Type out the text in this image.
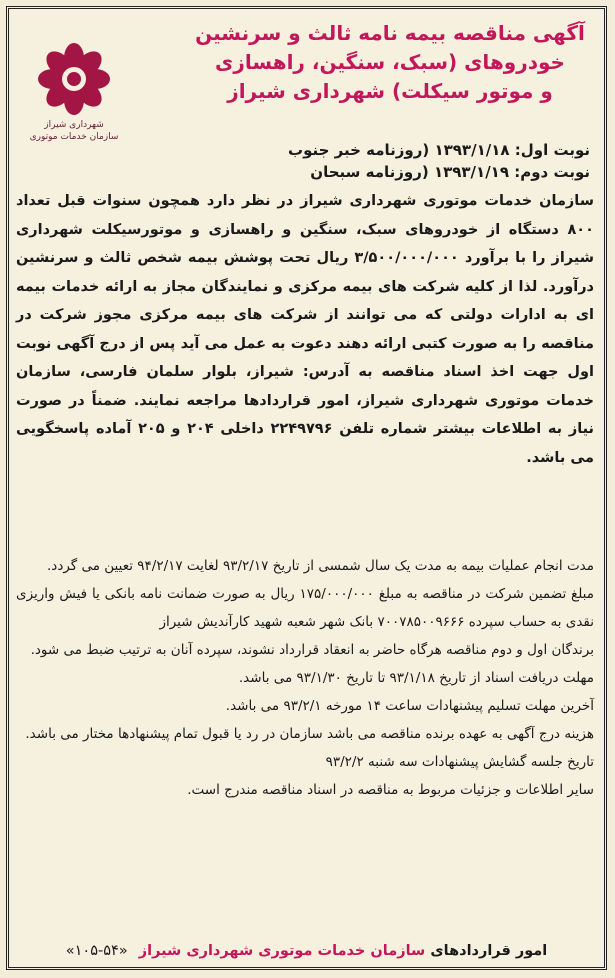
آگهی مناقصه بیمه نامه ثالث و سرنشین
خودروهای (سبک، سنگین، راهسازی
و موتور سیکلت) شهرداری شیراز
شهرداری شیراز
سازمان خدمات موتوری
نوبت اول: ۱۳۹۳/۱/۱۸ (روزنامه خبر جنوب
نوبت دوم: ۱۳۹۳/۱/۱۹ (روزنامه سبحان
سازمان خدمات موتوری شهرداری شیراز در نظر دارد همچون سنوات قبل تعداد ۸۰۰ دستگاه از خودروهای سبک، سنگین و راهسازی و موتورسیکلت شهرداری شیراز را با برآورد ۳/۵۰۰/۰۰۰/۰۰۰ ریال تحت پوشش بیمه شخص ثالث و سرنشین درآورد. لذا از کلیه شرکت های بیمه مرکزی و نمایندگان مجاز به ارائه خدمات بیمه ای به ادارات دولتی که می توانند از شرکت های بیمه مرکزی مجوز شرکت در مناقصه را به صورت کتبی ارائه دهند دعوت به عمل می آید پس از درج آگهی نوبت اول جهت اخذ اسناد مناقصه به آدرس: شیراز، بلوار سلمان فارسی، سازمان خدمات موتوری شهرداری شیراز، امور قراردادها مراجعه نمایند. ضمناً در صورت نیاز به اطلاعات بیشتر شماره تلفن ۲۲۴۹۷۹۶ داخلی ۲۰۴ و ۲۰۵ آماده پاسخگویی می باشد.

مدت انجام عملیات بیمه به مدت یک سال شمسی از تاریخ ۹۳/۲/۱۷ لغایت ۹۴/۲/۱۷ تعیین می گردد.

مبلغ تضمین شرکت در مناقصه به مبلغ ۱۷۵/۰۰۰/۰۰۰ ریال به صورت ضمانت نامه بانکی یا فیش واریزی نقدی به حساب سپرده ۷۰۰۷۸۵۰۰۹۶۶۶ بانک شهر شعبه شهید کارآندیش شیراز

برندگان اول و دوم مناقصه هرگاه حاضر به انعقاد قرارداد نشوند، سپرده آنان به ترتیب ضبط می شود.

مهلت دریافت اسناد از تاریخ ۹۳/۱/۱۸ تا تاریخ ۹۳/۱/۳۰ می باشد.

آخرین مهلت تسلیم پیشنهادات ساعت ۱۴ مورخه ۹۳/۲/۱ می باشد.

هزینه درج آگهی به عهده برنده مناقصه می باشد سازمان در رد یا قبول تمام پیشنهادها مختار می باشد.

تاریخ جلسه گشایش پیشنهادات سه شنبه ۹۳/۲/۲

سایر اطلاعات و جزئیات مربوط به مناقصه در اسناد مناقصه مندرج است.

امور قراردادهای سازمان خدمات موتوری شهرداری شیراز «۵۴-۱۰۵»
